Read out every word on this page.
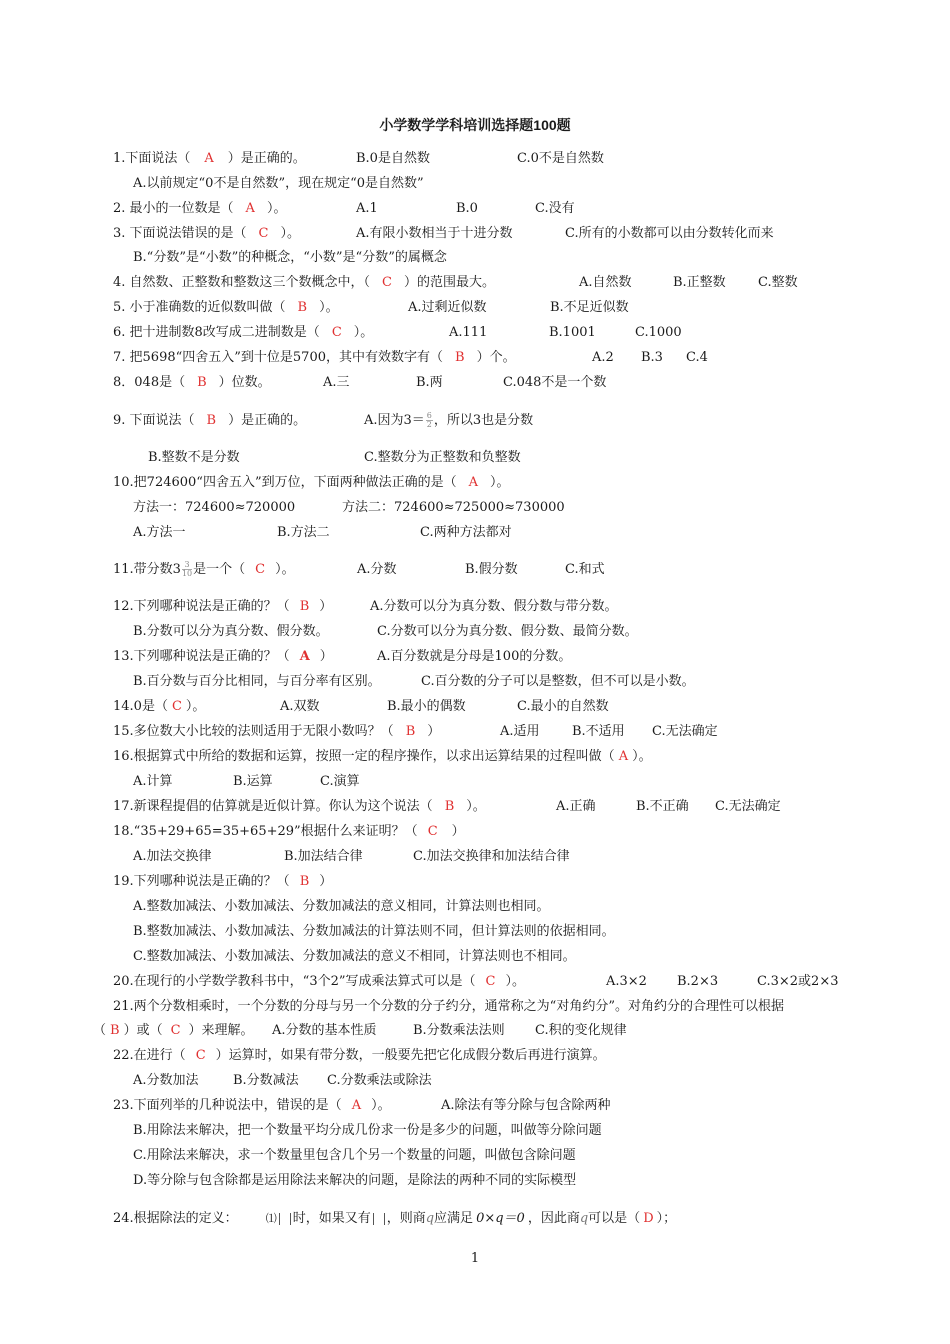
小学数学学科培训选择题100题
1.下面说法（ A ）是正确的。	B.0是自然数	C.0不是自然数
A.以前规定“0不是自然数”，现在规定“0是自然数”
2. 最小的一位数是（ A ）。	A.1	B.0	C.没有
3. 下面说法错误的是（ C ）。	A.有限小数相当于十进分数	C.所有的小数都可以由分数转化而来
B.“分数”是“小数”的种概念，“小数”是“分数”的属概念
4. 自然数、正整数和整数这三个数概念中，（ C ）的范围最大。	A.自然数	B.正整数 C.整数
5. 小于准确数的近似数叫做（ B ）。	A.过剩近似数	B.不足近似数
6. 把十进制数8改写成二进制数是（ C ）。	A.111	B.1001	C.1000
7. 把5698“四舍五入”到十位是5700，其中有效数字有（ B ）个。	A.2 B.3 C.4
8．048是（ B ）位数。	A.三	B.两	C.048不是一个数
9. 下面说法（ B ）是正确的。	A.因为$3= \frac{6}{2}$ ，所以3也是分数
B.整数不是分数	C.整数分为正整数和负整数
10.把724600“四舍五入”到万位，下面两种做法正确的是（ A ）。
方法一：724600≈720000	方法二：724600≈725000≈730000
A.方法一	B.方法二	C.两种方法都对
11.带分数$3 \frac{3}{10}$ 是一个（ C ）。	A.分数	B.假分数	C.和式
12.下列哪种说法是正确的？（ B ）	A.分数可以分为真分数、假分数与带分数。
B.分数可以分为真分数、假分数。	C.分数可以分为真分数、假分数、最简分数。
13.下列哪种说法是正确的？（ A ）	A.百分数就是分母是100的分数。
B.百分数与百分比相同，与百分率有区别。	C.百分数的分子可以是整数，但不可以是小数。
14.0是（ C ）。	A.双数	B.最小的偶数	C.最小的自然数
15.多位数大小比较的法则适用于无限小数吗？（ B ）	A.适用 B.不适用 C.无法确定
16.根据算式中所给的数据和运算，按照一定的程序操作，以求出运算结果的过程叫做（ A ）。
A.计算	B.运算	C.演算
17.新课程提倡的估算就是近似计算。你认为这个说法（ B ）。	A.正确	B.不正确 C.无法确定
18.“35+29+65=35+65+29”根据什么来证明？（ C ）
A.加法交换律	B.加法结合律	C.加法交换律和加法结合律
19.下列哪种说法是正确的？（ B ）
A.整数加减法、小数加减法、分数加减法的意义相同，计算法则也相同。
B.整数加减法、小数加减法、分数加减法的计算法则不同，但计算法则的依据相同。
C.整数加减法、小数加减法、分数加减法的意义不相同，计算法则也不相同。
20.在现行的小学数学教科书中，“3个2”写成乘法算式可以是（ C ）。	A.3×2 B.2×3	C.3×2或2×3
21.两个分数相乘时，一个分数的分母与另一个分数的分子约分，通常称之为“对角约分”。对角约分的合理性可以根据
（ B ）或（ C ）来理解。 A.分数的基本性质	B.分数乘法法则 C.积的变化规律
22.在进行（ C ）运算时，如果有带分数，一般要先把它化成假分数后再进行演算。
A.分数加法	B.分数减法 C.分数乘法或除法
23.下面列举的几种说法中，错误的是（ A ）。	A.除法有等分除与包含除两种
B.用除法来解决，把一个数量平均分成几份求一份是多少的问题，叫做等分除问题
C.用除法来解决，求一个数量里包含几个另一个数量的问题，叫做包含除问题
D.等分除与包含除都是运用除法来解决的问题，是除法的两种不同的实际模型
24.根据除法的定义：	⑴ 时，如果又有 ，则商q应满足 0×q＝0 ，因此商q可以是（ D ）；
1
